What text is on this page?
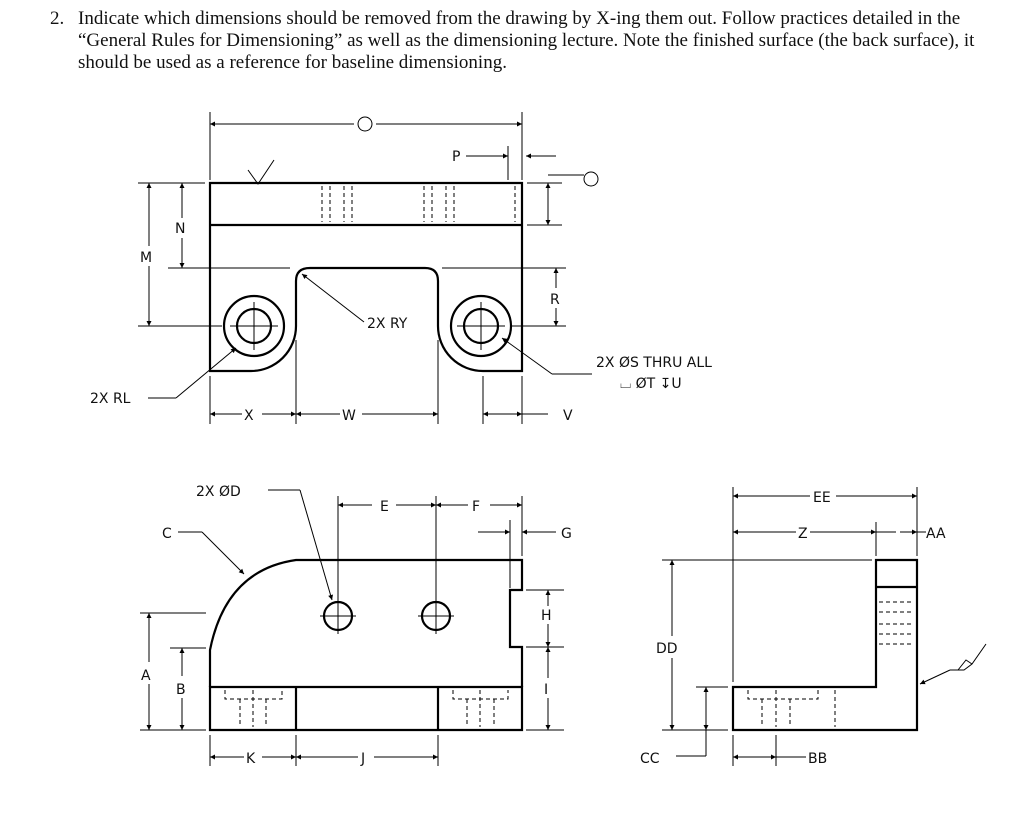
2. Indicate which dimensions should be removed from the drawing by X-ing them out. Follow practices detailed in the “General Rules for Dimensioning” as well as the dimensioning lecture. Note the finished surface (the back surface), it should be used as a reference for baseline dimensioning.
P
R
M
N
2X RY
2X RL
2X ØS THRU ALL
⌴ ØT ↧U
X	W	V
2X ØD
C
E	F
G
H
I
A
B
K	J
EE
Z	AA
DD
CC	BB
